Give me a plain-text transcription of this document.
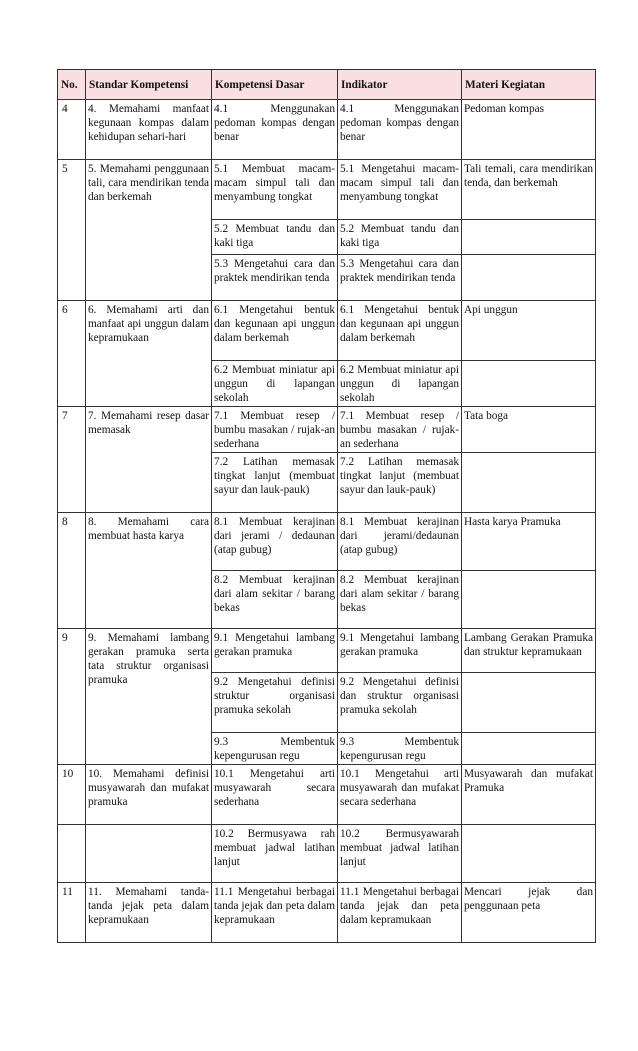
No.	Standar Kompetensi	Kompetensi Dasar	Indikator	Materi Kegiatan
4	4. Memahami manfaat kegunaan kompas dalam kehidupan sehari-hari	4.1 Menggunakan pedoman kompas dengan benar	4.1 Menggunakan pedoman kompas dengan benar	Pedoman kompas
5	5. Memahami penggunaan tali, cara mendirikan tenda dan berkemah	5.1 Membuat macam-macam simpul tali dan menyambung tongkat	5.1 Mengetahui macam-macam simpul tali dan menyambung tongkat	Tali temali, cara mendirikan tenda, dan berkemah
		5.2 Membuat tandu dan kaki tiga	5.2 Membuat tandu dan kaki tiga	
		5.3 Mengetahui cara dan praktek mendirikan tenda	5.3 Mengetahui cara dan praktek mendirikan tenda	
6	6. Memahami arti dan manfaat api unggun dalam kepramukaan	6.1 Mengetahui bentuk dan kegunaan api unggun dalam berkemah	6.1 Mengetahui bentuk dan kegunaan api unggun dalam berkemah	Api unggun
		6.2 Membuat miniatur api unggun di lapangan sekolah	6.2 Membuat miniatur api unggun di lapangan sekolah	
7	7. Memahami resep dasar memasak	7.1 Membuat resep / bumbu masakan / rujak-an sederhana	7.1 Membuat resep / bumbu masakan / rujak-an sederhana	Tata boga
		7.2 Latihan memasak tingkat lanjut (membuat sayur dan lauk-pauk)	7.2 Latihan memasak tingkat lanjut (membuat sayur dan lauk-pauk)	
8	8. Memahami cara membuat hasta karya	8.1 Membuat kerajinan dari jerami / dedaunan (atap gubug)	8.1 Membuat kerajinan dari jerami/dedaunan (atap gubug)	Hasta karya Pramuka
		8.2 Membuat kerajinan dari alam sekitar / barang bekas	8.2 Membuat kerajinan dari alam sekitar / barang bekas	
9	9. Memahami lambang gerakan pramuka serta tata struktur organisasi pramuka	9.1 Mengetahui lambang gerakan pramuka	9.1 Mengetahui lambang gerakan pramuka	Lambang Gerakan Pramuka dan struktur kepramukaan
		9.2 Mengetahui definisi struktur organisasi pramuka sekolah	9.2 Mengetahui definisi dan struktur organisasi pramuka sekolah	
		9.3 Membentuk kepengurusan regu	9.3 Membentuk kepengurusan regu	
10	10. Memahami definisi musyawarah dan mufakat pramuka	10.1 Mengetahui arti musyawarah secara sederhana	10.1 Mengetahui arti musyawarah dan mufakat secara sederhana	Musyawarah dan mufakat Pramuka
		10.2 Bermusyawa rah membuat jadwal latihan lanjut	10.2 Bermusyawarah membuat jadwal latihan lanjut	
11	11. Memahami tanda-tanda jejak peta dalam kepramukaan	11.1 Mengetahui berbagai tanda jejak dan peta dalam kepramukaan	11.1 Mengetahui berbagai tanda jejak dan peta dalam kepramukaan	Mencari jejak dan penggunaan peta
